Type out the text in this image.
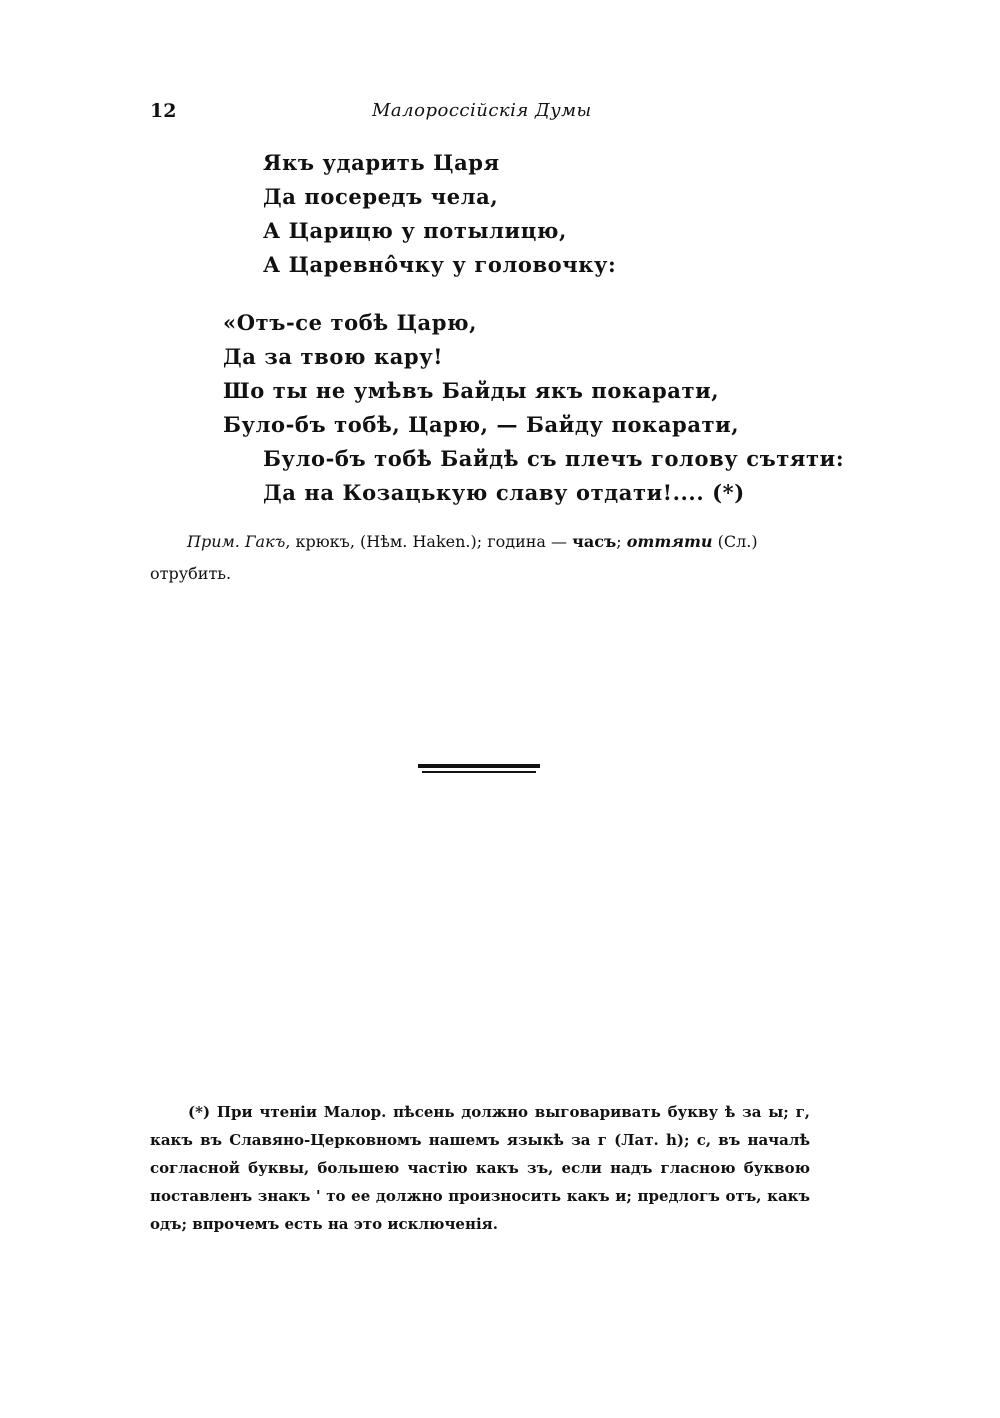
12	Малороссійскія Думы
Якъ ударить Царя
Да посередъ чела,
А Царицю у потылицю,
А Царевнôчку у головочку:
«Отъ-се тобѣ Царю,
Да за твою кару!
Шо ты не умѣвъ Байды якъ покарати,
Було-бъ тобѣ, Царю, — Байду покарати,
Було-бъ тобѣ Байдѣ съ плечъ голову сътяти:
Да на Козацькую славу отдати!.... (*)
Прим. Гакъ, крюкъ, (Нѣм. Haken.); година — часъ; оттяти (Сл.) отрубить.
(*) При чтеніи Малор. пѣсень должно выговаривать букву ѣ за ы; г, какъ въ Славяно-Церковномъ нашемъ языкѣ за г (Лат. h); с, въ началѣ согласной буквы, большею частію какъ зъ, если надъ гласною буквою поставленъ знакъ ' то ее должно произносить какъ и; предлогъ отъ, какъ одъ; впрочемъ есть на это исключенія.
